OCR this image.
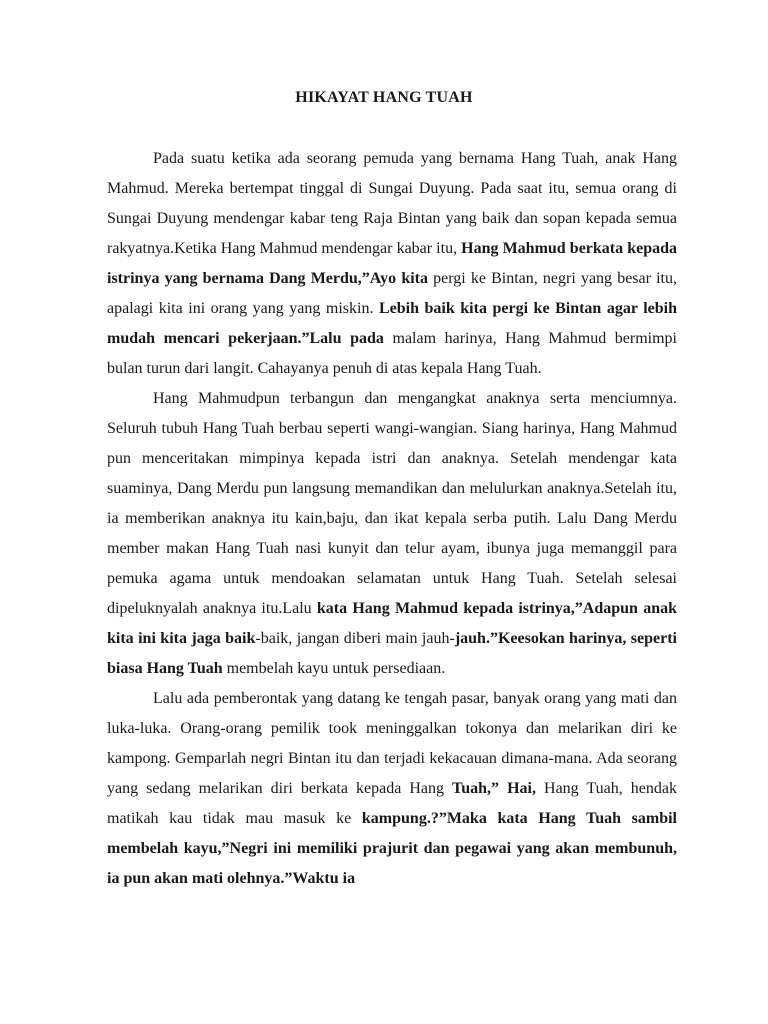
HIKAYAT HANG TUAH

Pada suatu ketika ada seorang pemuda yang bernama Hang Tuah, anak Hang Mahmud. Mereka bertempat tinggal di Sungai Duyung. Pada saat itu, semua orang di Sungai Duyung mendengar kabar teng Raja Bintan yang baik dan sopan kepada semua rakyatnya.Ketika Hang Mahmud mendengar kabar itu, Hang Mahmud berkata kepada istrinya yang bernama Dang Merdu,”Ayo kita pergi ke Bintan, negri yang besar itu, apalagi kita ini orang yang yang miskin. Lebih baik kita pergi ke Bintan agar lebih mudah mencari pekerjaan.”Lalu pada malam harinya, Hang Mahmud bermimpi bulan turun dari langit. Cahayanya penuh di atas kepala Hang Tuah.

Hang Mahmudpun terbangun dan mengangkat anaknya serta menciumnya. Seluruh tubuh Hang Tuah berbau seperti wangi-wangian. Siang harinya, Hang Mahmud pun menceritakan mimpinya kepada istri dan anaknya. Setelah mendengar kata suaminya, Dang Merdu pun langsung memandikan dan melulurkan anaknya.Setelah itu, ia memberikan anaknya itu kain,baju, dan ikat kepala serba putih. Lalu Dang Merdu member makan Hang Tuah nasi kunyit dan telur ayam, ibunya juga memanggil para pemuka agama untuk mendoakan selamatan untuk Hang Tuah. Setelah selesai dipeluknyalah anaknya itu.Lalu kata Hang Mahmud kepada istrinya,”Adapun anak kita ini kita jaga baik-baik, jangan diberi main jauh-jauh.”Keesokan harinya, seperti biasa Hang Tuah membelah kayu untuk persediaan.

Lalu ada pemberontak yang datang ke tengah pasar, banyak orang yang mati dan luka-luka. Orang-orang pemilik took meninggalkan tokonya dan melarikan diri ke kampong. Gemparlah negri Bintan itu dan terjadi kekacauan dimana-mana. Ada seorang yang sedang melarikan diri berkata kepada Hang Tuah,” Hai, Hang Tuah, hendak matikah kau tidak mau masuk ke kampung.?”Maka kata Hang Tuah sambil membelah kayu,”Negri ini memiliki prajurit dan pegawai yang akan membunuh, ia pun akan mati olehnya.”Waktu ia
